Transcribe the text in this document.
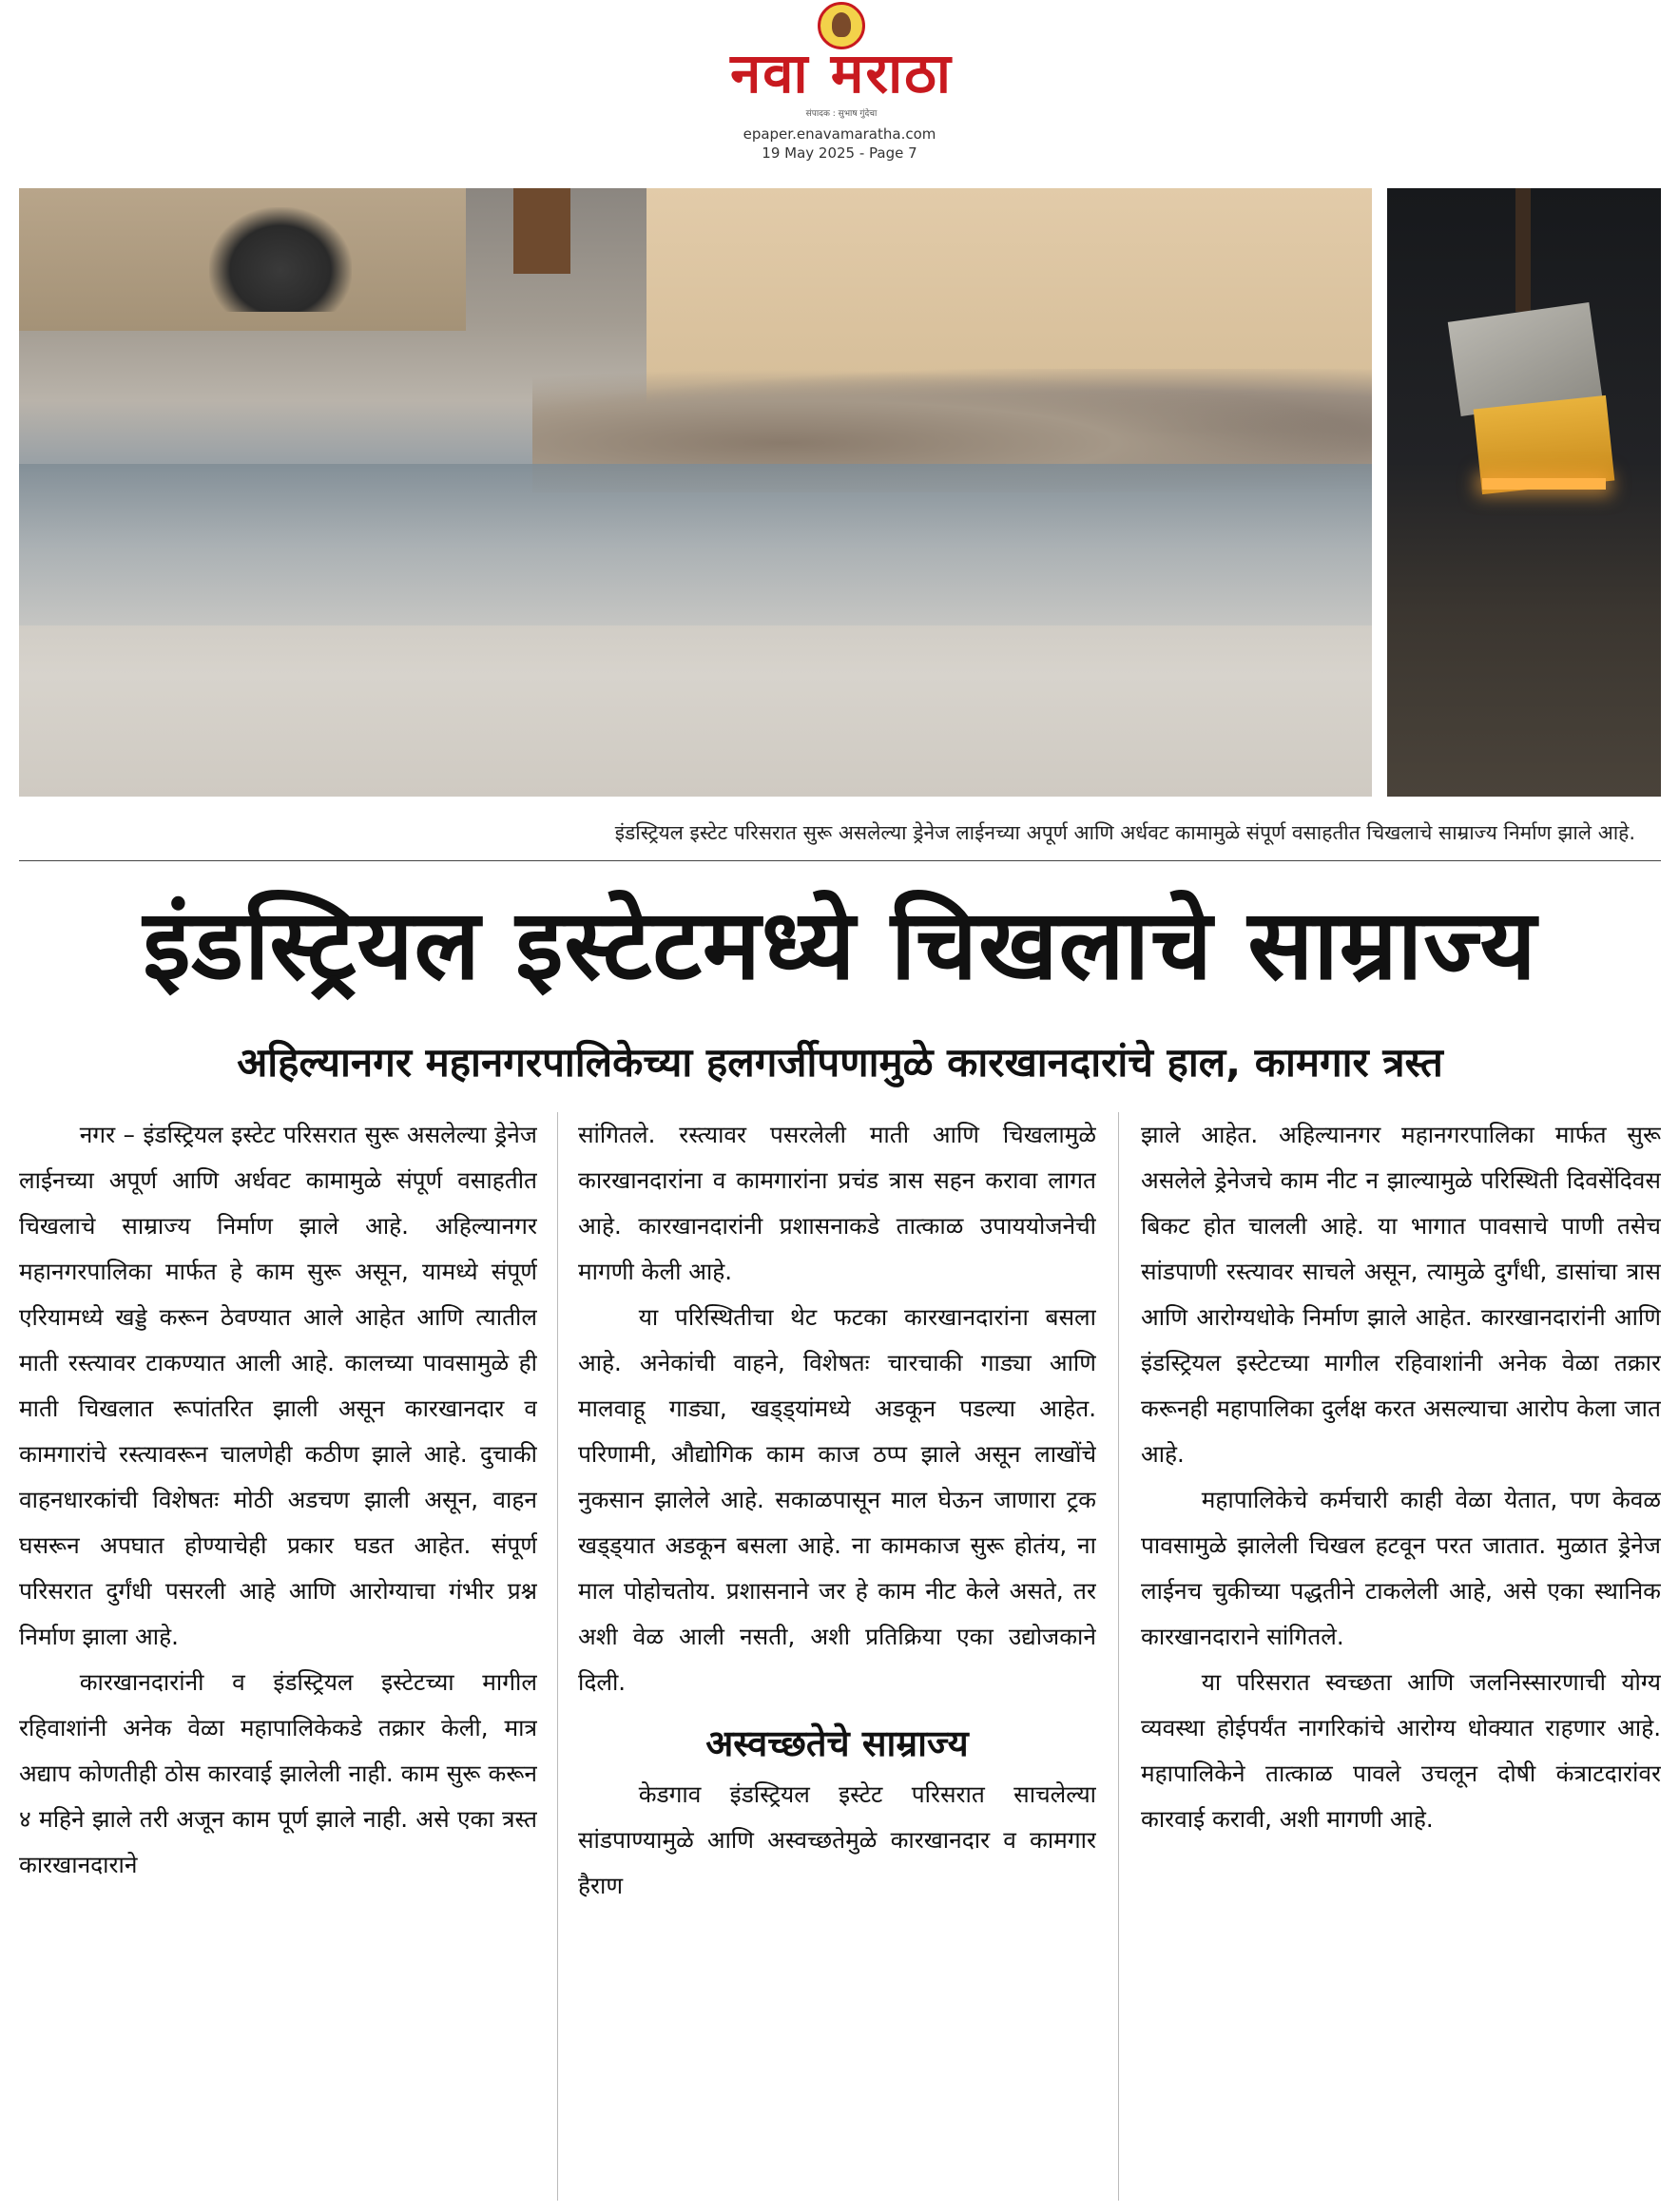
नवा मराठा
संपादक : सुभाष गुंदेचा
epaper.enavamaratha.com
19 May 2025 - Page 7
इंडस्ट्रियल इस्टेट परिसरात सुरू असलेल्या ड्रेनेज लाईनच्या अपूर्ण आणि अर्धवट कामामुळे संपूर्ण वसाहतीत चिखलाचे साम्राज्य निर्माण झाले आहे.
इंडस्ट्रियल इस्टेटमध्ये चिखलाचे साम्राज्य
अहिल्यानगर महानगरपालिकेच्या हलगर्जीपणामुळे कारखानदारांचे हाल, कामगार त्रस्त

नगर – इंडस्ट्रियल इस्टेट परिसरात सुरू असलेल्या ड्रेनेज लाईनच्या अपूर्ण आणि अर्धवट कामामुळे संपूर्ण वसाहतीत चिखलाचे साम्राज्य निर्माण झाले आहे. अहिल्यानगर महानगरपालिका मार्फत हे काम सुरू असून, यामध्ये संपूर्ण एरियामध्ये खड्डे करून ठेवण्यात आले आहेत आणि त्यातील माती रस्त्यावर टाकण्यात आली आहे. कालच्या पावसामुळे ही माती चिखलात रूपांतरित झाली असून कारखानदार व कामगारांचे रस्त्यावरून चालणेही कठीण झाले आहे. दुचाकी वाहनधारकांची विशेषतः मोठी अडचण झाली असून, वाहन घसरून अपघात होण्याचेही प्रकार घडत आहेत. संपूर्ण परिसरात दुर्गंधी पसरली आहे आणि आरोग्याचा गंभीर प्रश्न निर्माण झाला आहे.

कारखानदारांनी व इंडस्ट्रियल इस्टेटच्या मागील रहिवाशांनी अनेक वेळा महापालिकेकडे तक्रार केली, मात्र अद्याप कोणतीही ठोस कारवाई झालेली नाही. काम सुरू करून ४ महिने झाले तरी अजून काम पूर्ण झाले नाही. असे एका त्रस्त कारखानदाराने

सांगितले. रस्त्यावर पसरलेली माती आणि चिखलामुळे कारखानदारांना व कामगारांना प्रचंड त्रास सहन करावा लागत आहे. कारखानदारांनी प्रशासनाकडे तात्काळ उपाययोजनेची मागणी केली आहे.

या परिस्थितीचा थेट फटका कारखानदारांना बसला आहे. अनेकांची वाहने, विशेषतः चारचाकी गाड्या आणि मालवाहू गाड्या, खड्ड्यांमध्ये अडकून पडल्या आहेत. परिणामी, औद्योगिक काम काज ठप्प झाले असून लाखोंचे नुकसान झालेले आहे. सकाळपासून माल घेऊन जाणारा ट्रक खड्ड्यात अडकून बसला आहे. ना कामकाज सुरू होतंय, ना माल पोहोचतोय. प्रशासनाने जर हे काम नीट केले असते, तर अशी वेळ आली नसती, अशी प्रतिक्रिया एका उद्योजकाने दिली.

अस्वच्छतेचे साम्राज्य

केडगाव इंडस्ट्रियल इस्टेट परिसरात साचलेल्या सांडपाण्यामुळे आणि अस्वच्छतेमुळे कारखानदार व कामगार हैराण

झाले आहेत. अहिल्यानगर महानगरपालिका मार्फत सुरू असलेले ड्रेनेजचे काम नीट न झाल्यामुळे परिस्थिती दिवसेंदिवस बिकट होत चालली आहे. या भागात पावसाचे पाणी तसेच सांडपाणी रस्त्यावर साचले असून, त्यामुळे दुर्गंधी, डासांचा त्रास आणि आरोग्यधोके निर्माण झाले आहेत. कारखानदारांनी आणि इंडस्ट्रियल इस्टेटच्या मागील रहिवाशांनी अनेक वेळा तक्रार करूनही महापालिका दुर्लक्ष करत असल्याचा आरोप केला जात आहे.

महापालिकेचे कर्मचारी काही वेळा येतात, पण केवळ पावसामुळे झालेली चिखल हटवून परत जातात. मुळात ड्रेनेज लाईनच चुकीच्या पद्धतीने टाकलेली आहे, असे एका स्थानिक कारखानदाराने सांगितले.

या परिसरात स्वच्छता आणि जलनिस्सारणाची योग्य व्यवस्था होईपर्यंत नागरिकांचे आरोग्य धोक्यात राहणार आहे. महापालिकेने तात्काळ पावले उचलून दोषी कंत्राटदारांवर कारवाई करावी, अशी मागणी आहे.
